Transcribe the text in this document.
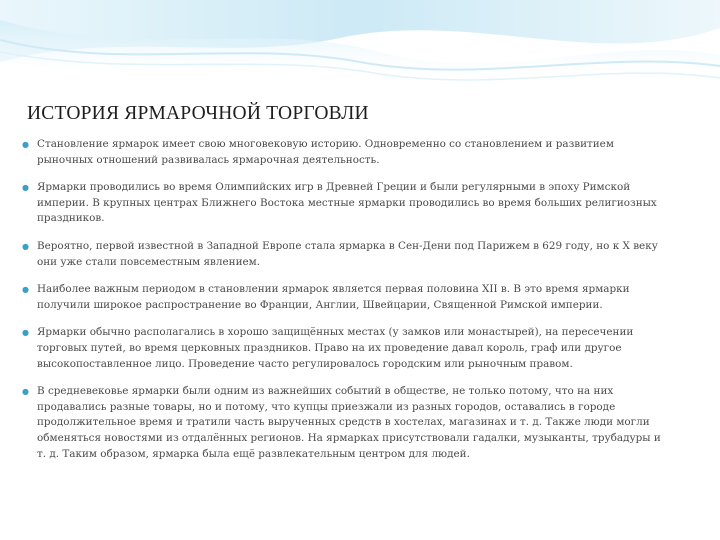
ИСТОРИЯ ЯРМАРОЧНОЙ ТОРГОВЛИ
● Становление ярмарок имеет свою многовековую историю. Одновременно со становлением и развитием рыночных отношений развивалась ярмарочная деятельность.
● Ярмарки проводились во время Олимпийских игр в Древней Греции и были регулярными в эпоху Римской империи. В крупных центрах Ближнего Востока местные ярмарки проводились во время больших религиозных праздников.
● Вероятно, первой известной в Западной Европе стала ярмарка в Сен-Дени под Парижем в 629 году, но к X веку они уже стали повсеместным явлением.
● Наиболее важным периодом в становлении ярмарок является первая половина XII в. В это время ярмарки получили широкое распространение во Франции, Англии, Швейцарии, Священной Римской империи.
● Ярмарки обычно располагались в хорошо защищённых местах (у замков или монастырей), на пересечении торговых путей, во время церковных праздников. Право на их проведение давал король, граф или другое высокопоставленное лицо. Проведение часто регулировалось городским или рыночным правом.
● В средневековье ярмарки были одним из важнейших событий в обществе, не только потому, что на них продавались разные товары, но и потому, что купцы приезжали из разных городов, оставались в городе продолжительное время и тратили часть вырученных средств в хостелах, магазинах и т. д. Также люди могли обменяться новостями из отдалённых регионов. На ярмарках присутствовали гадалки, музыканты, трубадуры и т. д. Таким образом, ярмарка была ещё развлекательным центром для людей.
